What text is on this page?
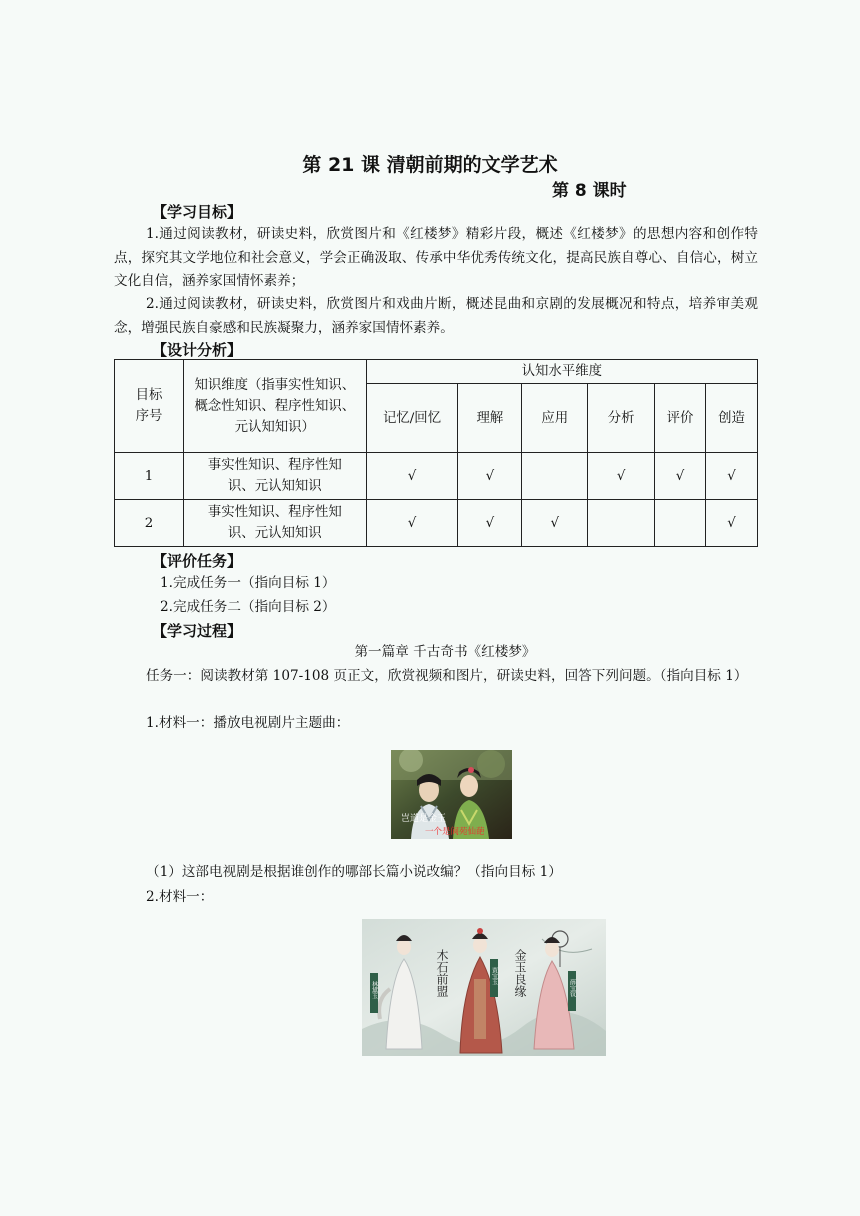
第 21 课 清朝前期的文学艺术
第 8 课时
【学习目标】
1.通过阅读教材，研读史料，欣赏图片和《红楼梦》精彩片段，概述《红楼梦》的思想内容和创作特点，探究其文学地位和社会意义，学会正确汲取、传承中华优秀传统文化，提高民族自尊心、自信心，树立文化自信，涵养家国情怀素养；
2.通过阅读教材，研读史料，欣赏图片和戏曲片断，概述昆曲和京剧的发展概况和特点，培养审美观念，增强民族自豪感和民族凝聚力，涵养家国情怀素养。
【设计分析】
目标序号	知识维度（指事实性知识、概念性知识、程序性知识、元认知知识）	认知水平维度					
		记忆/回忆	理解	应用	分析	评价	创造
1	事实性知识、程序性知识、元认知知识	√	√		√	√	√
2	事实性知识、程序性知识、元认知知识	√	√	√			√
【评价任务】
1.完成任务一（指向目标 1）
2.完成任务二（指向目标 2）
【学习过程】
第一篇章 千古奇书《红楼梦》
任务一：阅读教材第 107-108 页正文，欣赏视频和图片，研读史料，回答下列问题。（指向目标 1）
1.材料一：播放电视剧片主题曲：
岂道是金玉
一个是阆苑仙葩
（1）这部电视剧是根据谁创作的哪部长篇小说改编？（指向目标 1）
2.材料一：
林黛玉	木石前盟	贾宝玉 金玉良缘	薛宝钗
